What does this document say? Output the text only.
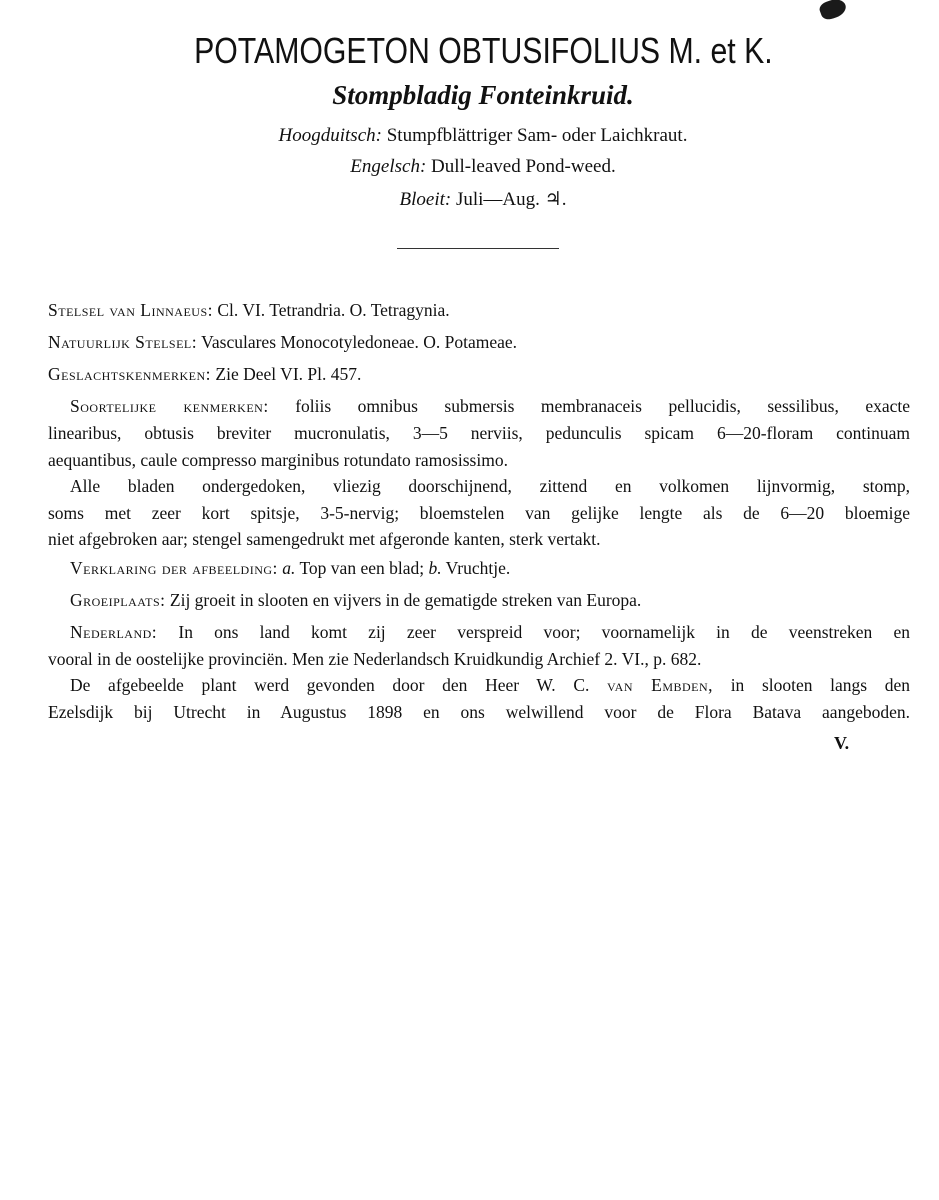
POTAMOGETON OBTUSIFOLIUS M. et K.
Stompbladig Fonteinkruid.
Hoogduitsch: Stumpfblättriger Sam- oder Laichkraut.
Engelsch: Dull-leaved Pond-weed.
Bloeit: Juli—Aug. ♃.
Stelsel van Linnaeus: Cl. VI. Tetrandria. O. Tetragynia.
Natuurlijk Stelsel: Vasculares Monocotyledoneae. O. Potameae.
Geslachtskenmerken: Zie Deel VI. Pl. 457.
Soortelijke kenmerken: foliis omnibus submersis membranaceis pellucidis, sessilibus, exacte
linearibus, obtusis breviter mucronulatis, 3—5 nerviis, pedunculis spicam 6—20-floram continuam
aequantibus, caule compresso marginibus rotundato ramosissimo.
Alle bladen ondergedoken, vliezig doorschijnend, zittend en volkomen lijnvormig, stomp,
soms met zeer kort spitsje, 3-5-nervig; bloemstelen van gelijke lengte als de 6—20 bloemige
niet afgebroken aar; stengel samengedrukt met afgeronde kanten, sterk vertakt.
Verklaring der afbeelding: a. Top van een blad; b. Vruchtje.
Groeiplaats: Zij groeit in slooten en vijvers in de gematigde streken van Europa.
Nederland: In ons land komt zij zeer verspreid voor; voornamelijk in de veenstreken en
vooral in de oostelijke provinciën. Men zie Nederlandsch Kruidkundig Archief 2. VI., p. 682.
De afgebeelde plant werd gevonden door den Heer W. C. van Embden, in slooten langs den
Ezelsdijk bij Utrecht in Augustus 1898 en ons welwillend voor de Flora Batava aangeboden.
V.
